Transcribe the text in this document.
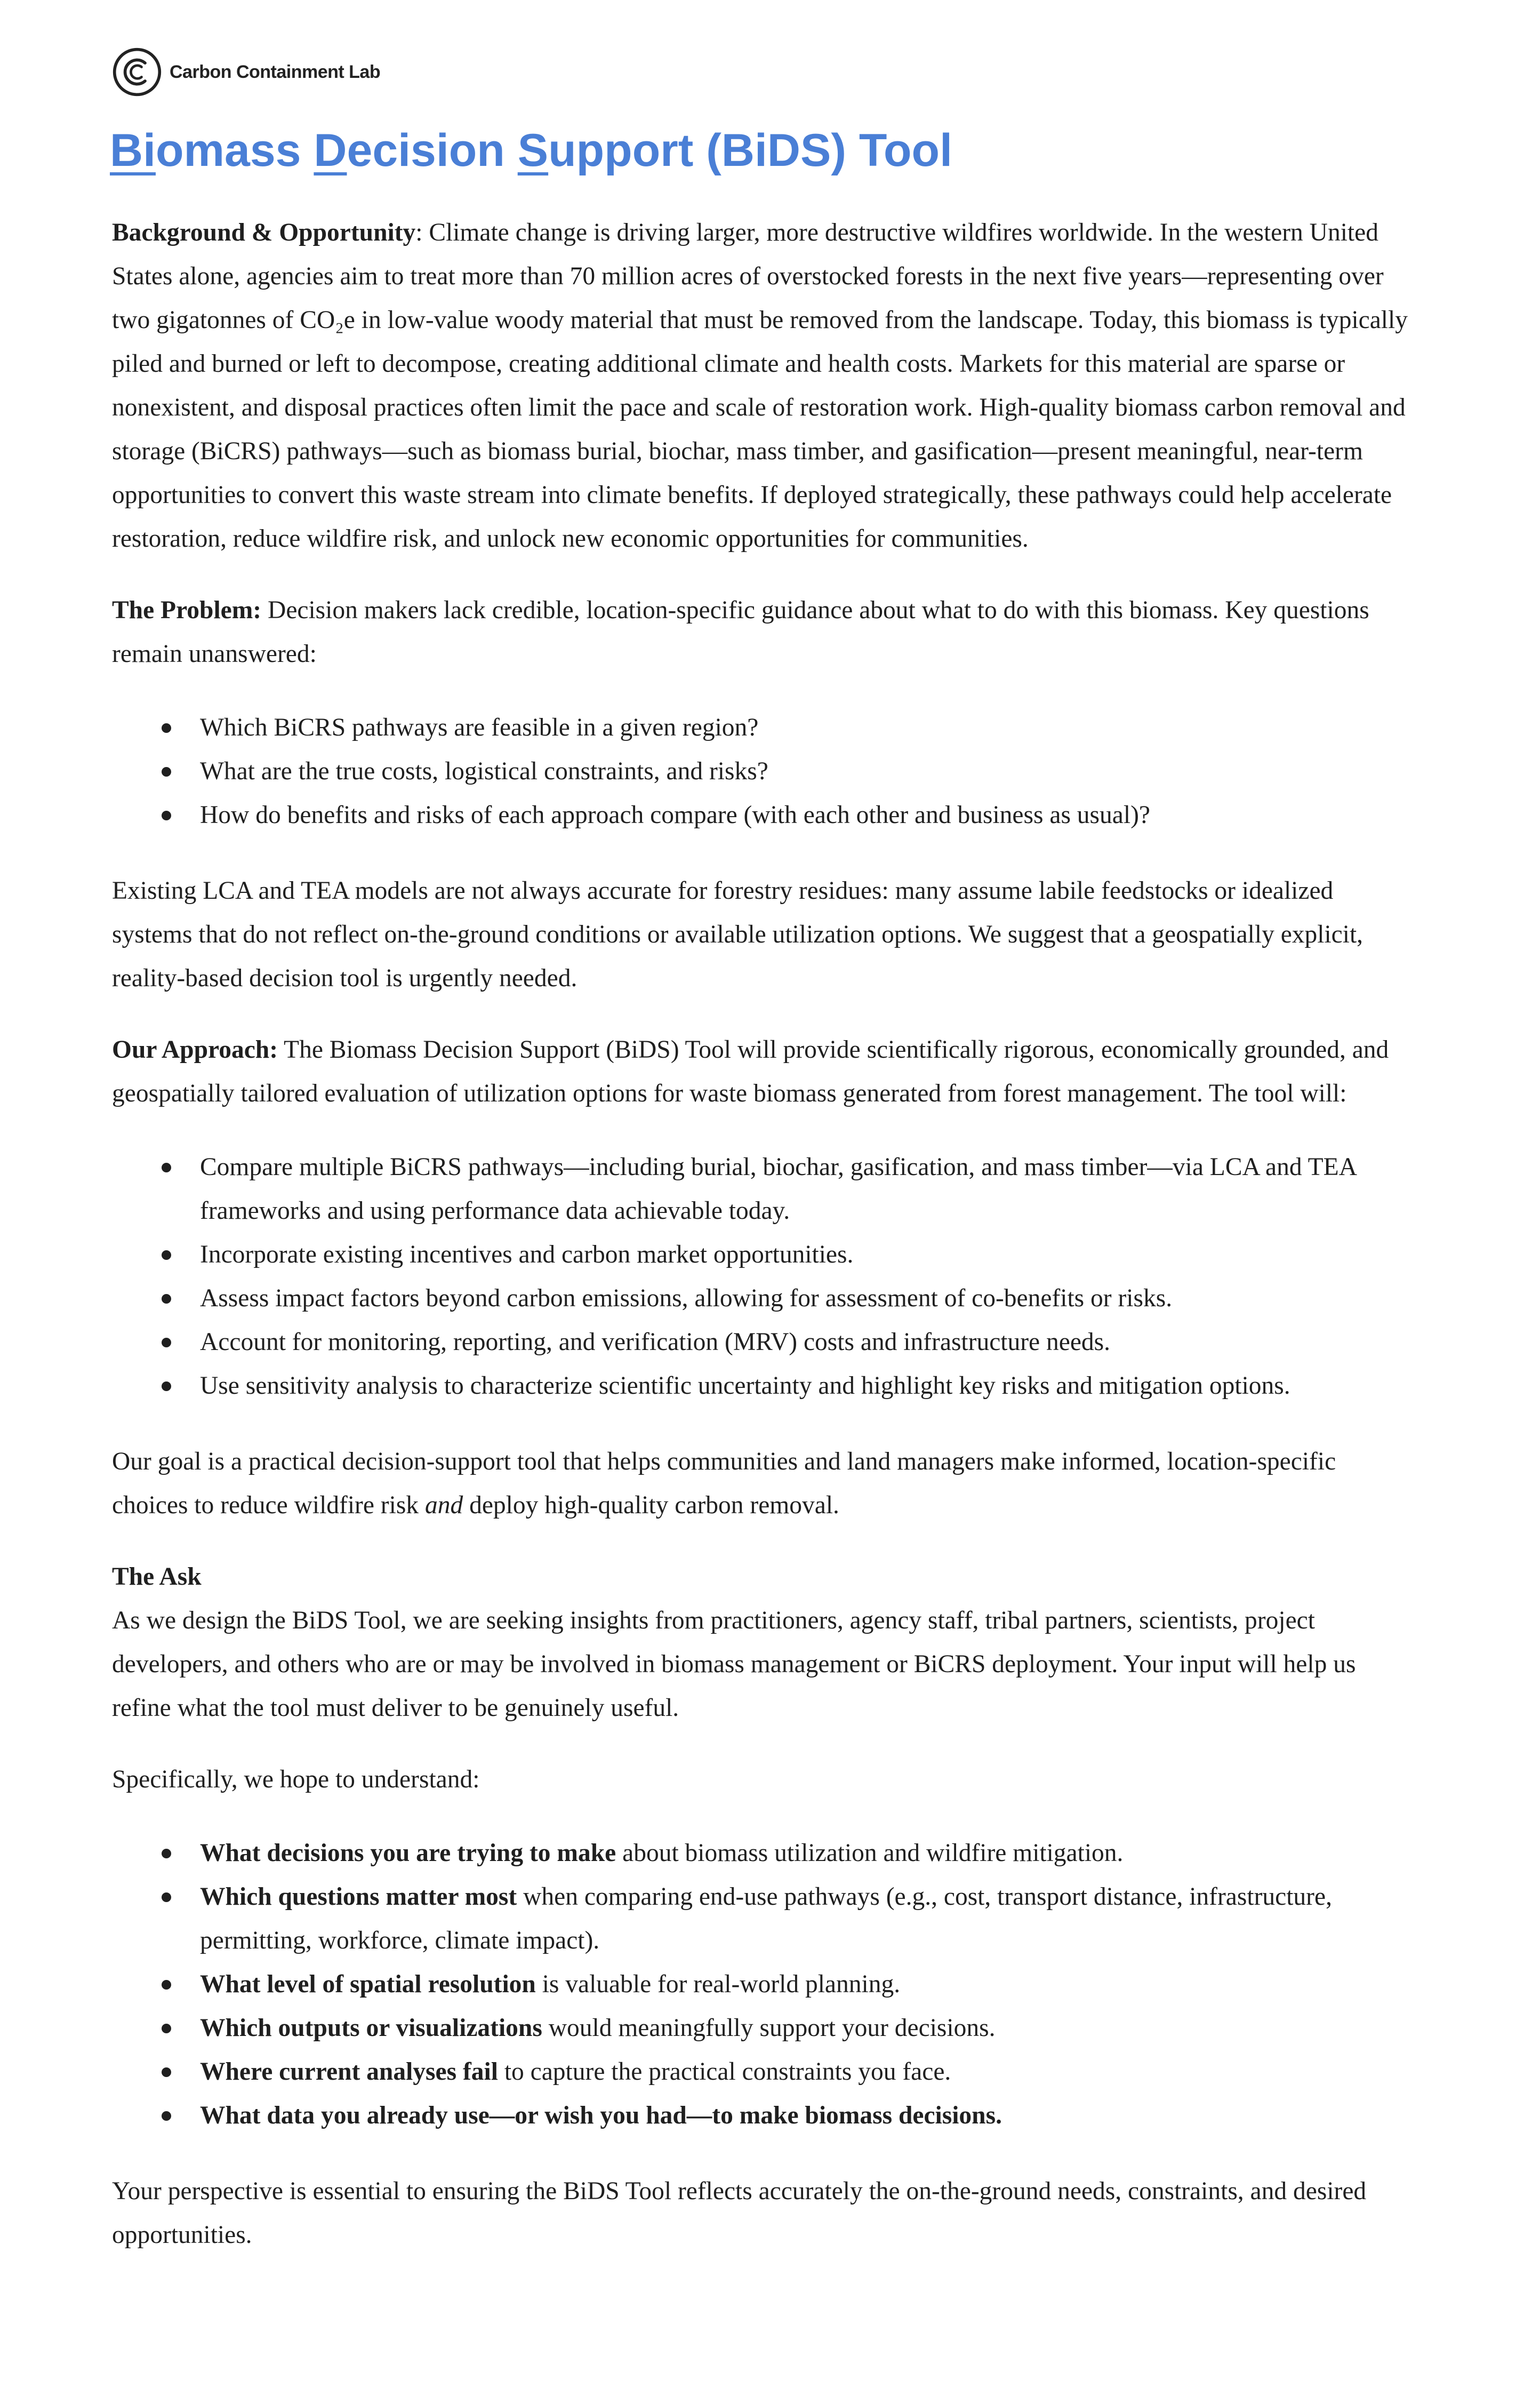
Carbon Containment Lab
Biomass Decision Support (BiDS) Tool

Background & Opportunity: Climate change is driving larger, more destructive wildfires worldwide. In the western United States alone, agencies aim to treat more than 70 million acres of overstocked forests in the next five years—representing over two gigatonnes of CO₂e in low-value woody material that must be removed from the landscape. Today, this biomass is typically piled and burned or left to decompose, creating additional climate and health costs. Markets for this material are sparse or nonexistent, and disposal practices often limit the pace and scale of restoration work. High-quality biomass carbon removal and storage (BiCRS) pathways—such as biomass burial, biochar, mass timber, and gasification—present meaningful, near-term opportunities to convert this waste stream into climate benefits. If deployed strategically, these pathways could help accelerate restoration, reduce wildfire risk, and unlock new economic opportunities for communities.

The Problem: Decision makers lack credible, location-specific guidance about what to do with this biomass. Key questions remain unanswered:

Which BiCRS pathways are feasible in a given region?
What are the true costs, logistical constraints, and risks?
How do benefits and risks of each approach compare (with each other and business as usual)?

Existing LCA and TEA models are not always accurate for forestry residues: many assume labile feedstocks or idealized systems that do not reflect on-the-ground conditions or available utilization options. We suggest that a geospatially explicit, reality-based decision tool is urgently needed.

Our Approach: The Biomass Decision Support (BiDS) Tool will provide scientifically rigorous, economically grounded, and geospatially tailored evaluation of utilization options for waste biomass generated from forest management. The tool will:

Compare multiple BiCRS pathways—including burial, biochar, gasification, and mass timber—via LCA and TEA frameworks and using performance data achievable today.
Incorporate existing incentives and carbon market opportunities.
Assess impact factors beyond carbon emissions, allowing for assessment of co-benefits or risks.
Account for monitoring, reporting, and verification (MRV) costs and infrastructure needs.
Use sensitivity analysis to characterize scientific uncertainty and highlight key risks and mitigation options.

Our goal is a practical decision-support tool that helps communities and land managers make informed, location-specific choices to reduce wildfire risk and deploy high-quality carbon removal.

The Ask

As we design the BiDS Tool, we are seeking insights from practitioners, agency staff, tribal partners, scientists, project developers, and others who are or may be involved in biomass management or BiCRS deployment. Your input will help us refine what the tool must deliver to be genuinely useful.

Specifically, we hope to understand:

What decisions you are trying to make about biomass utilization and wildfire mitigation.
Which questions matter most when comparing end-use pathways (e.g., cost, transport distance, infrastructure, permitting, workforce, climate impact).
What level of spatial resolution is valuable for real-world planning.
Which outputs or visualizations would meaningfully support your decisions.
Where current analyses fail to capture the practical constraints you face.
What data you already use—or wish you had—to make biomass decisions.

Your perspective is essential to ensuring the BiDS Tool reflects accurately the on-the-ground needs, constraints, and desired opportunities.
